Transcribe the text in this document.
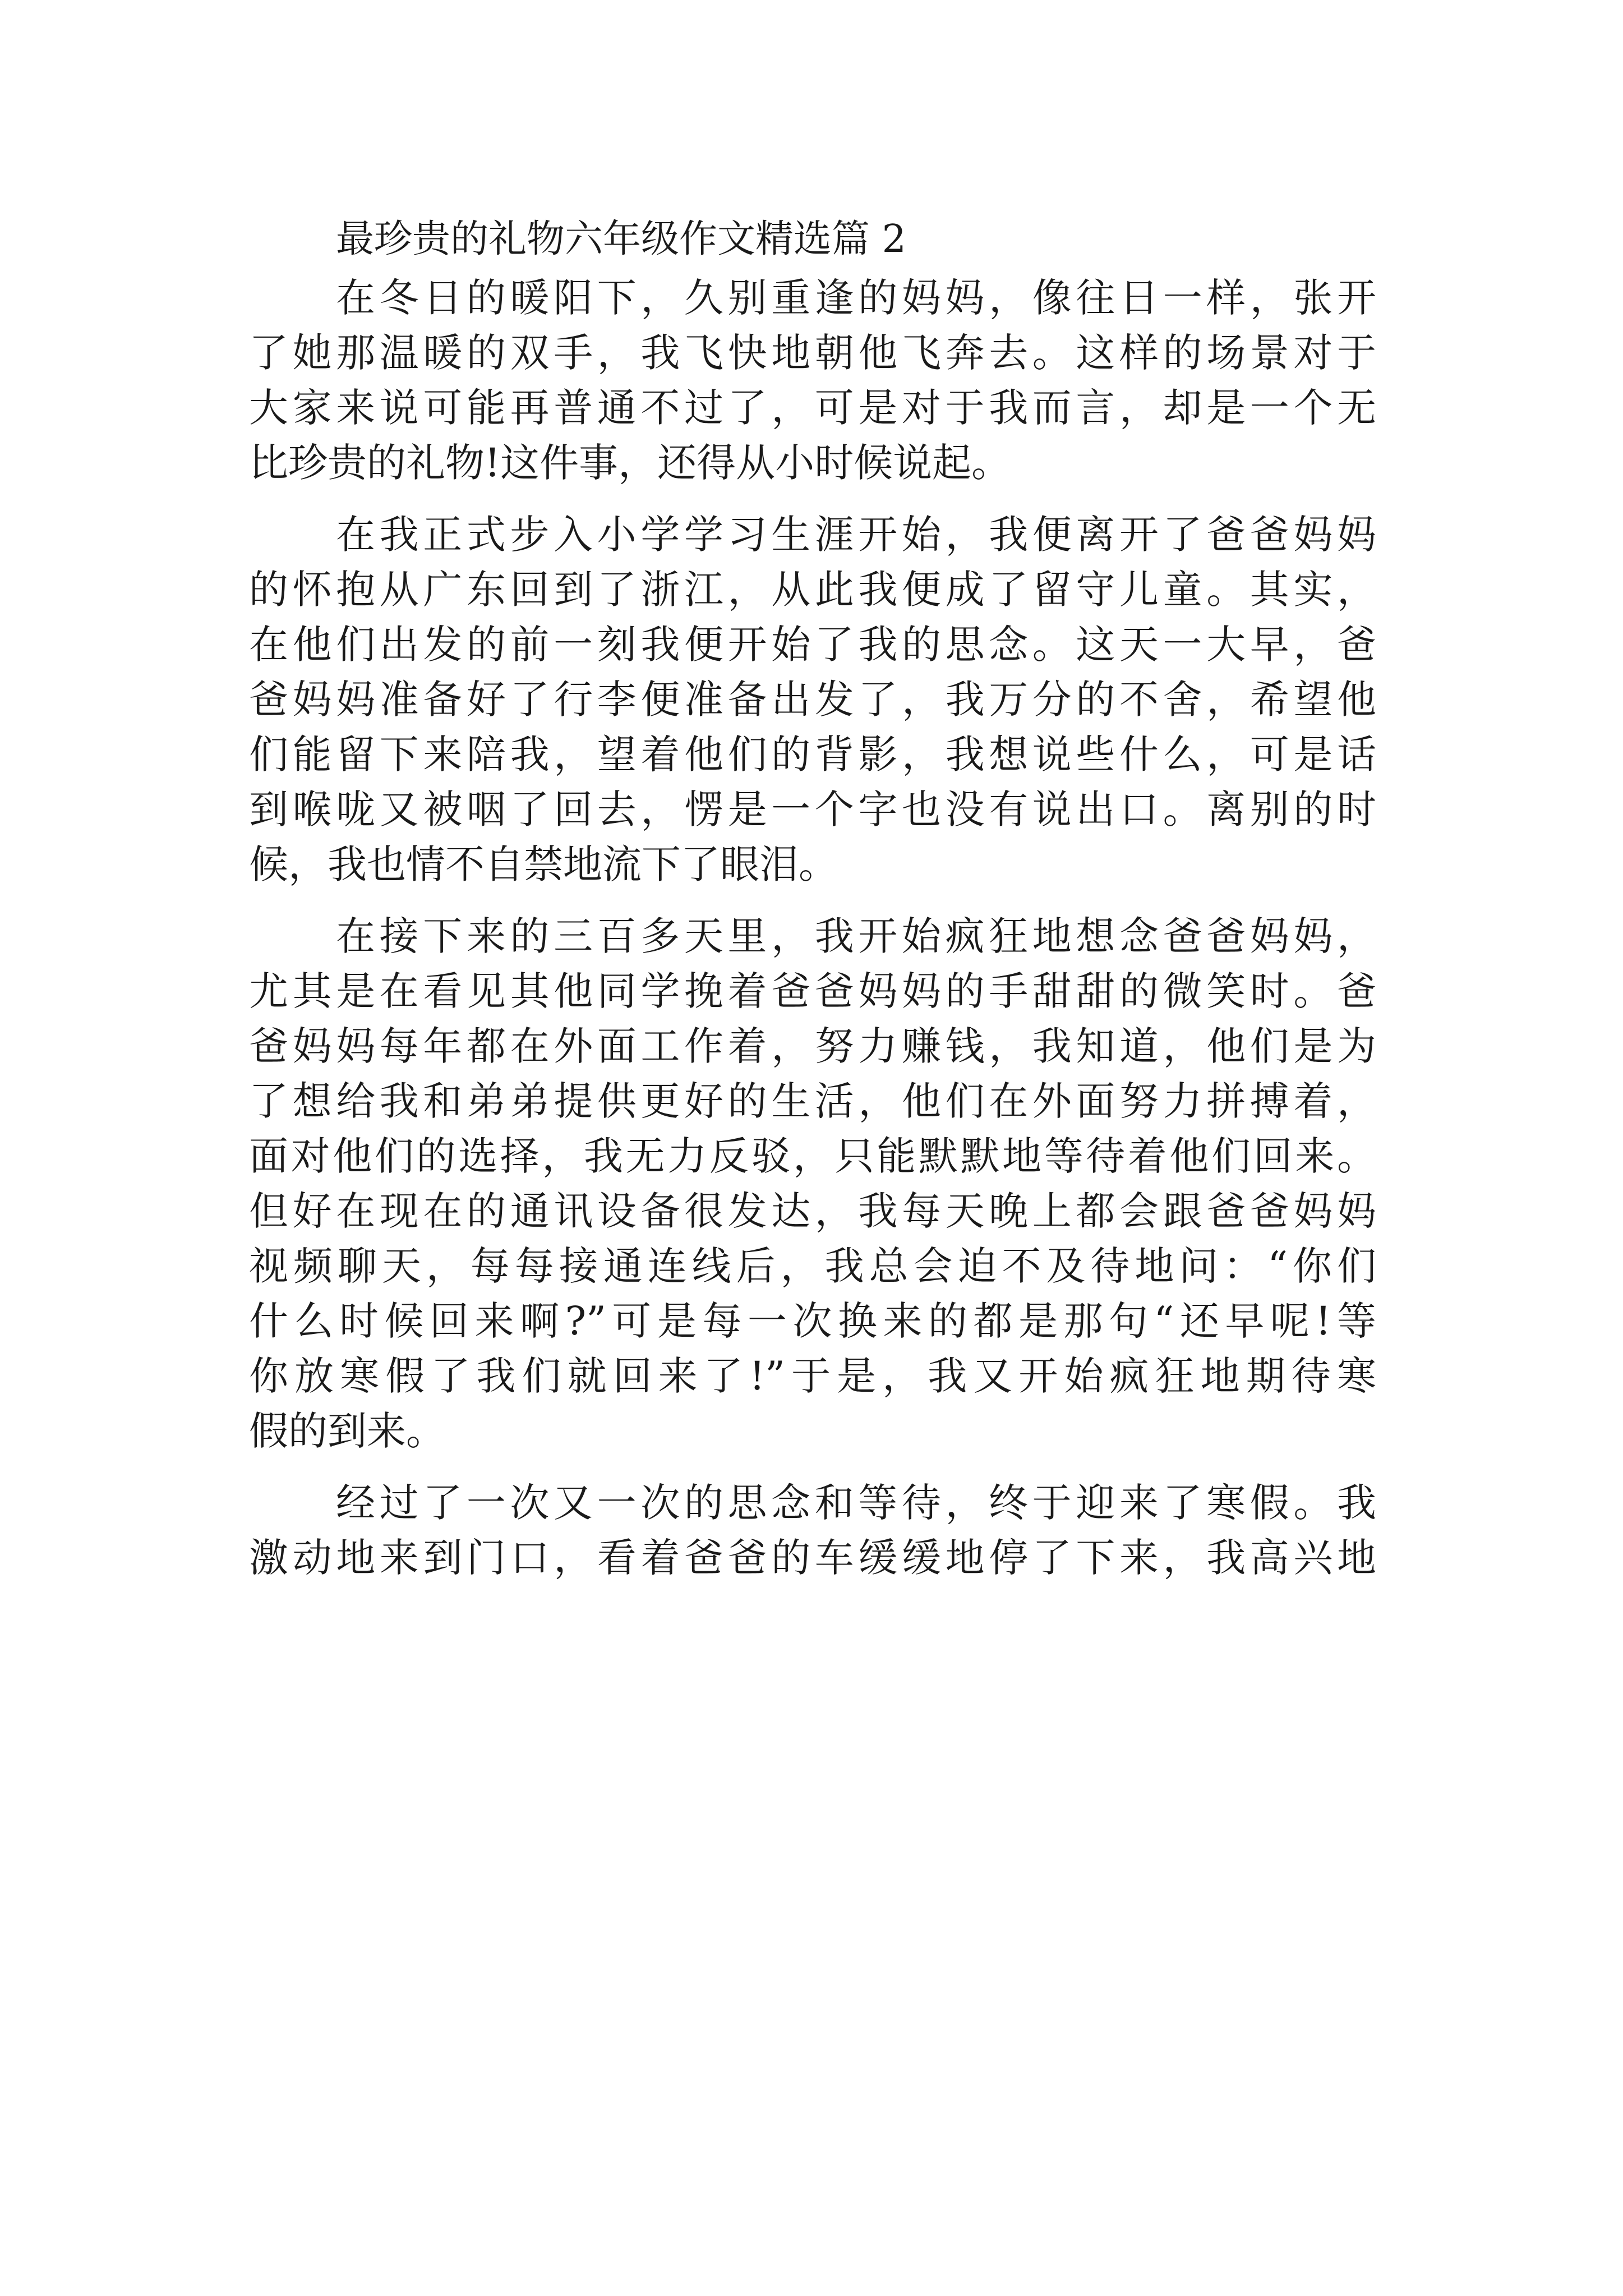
最珍贵的礼物六年级作文精选篇 2
在冬日的暖阳下，久别重逢的妈妈，像往日一样，张开
了她那温暖的双手，我飞快地朝他飞奔去。这样的场景对于
大家来说可能再普通不过了，可是对于我而言，却是一个无
比珍贵的礼物!这件事，还得从小时候说起。
在我正式步入小学学习生涯开始，我便离开了爸爸妈妈
的怀抱从广东回到了浙江，从此我便成了留守儿童。其实，
在他们出发的前一刻我便开始了我的思念。这天一大早，爸
爸妈妈准备好了行李便准备出发了，我万分的不舍，希望他
们能留下来陪我，望着他们的背影，我想说些什么，可是话
到喉咙又被咽了回去，愣是一个字也没有说出口。离别的时
候，我也情不自禁地流下了眼泪。
在接下来的三百多天里，我开始疯狂地想念爸爸妈妈，
尤其是在看见其他同学挽着爸爸妈妈的手甜甜的微笑时。爸
爸妈妈每年都在外面工作着，努力赚钱，我知道，他们是为
了想给我和弟弟提供更好的生活，他们在外面努力拼搏着，
面对他们的选择，我无力反驳，只能默默地等待着他们回来。
但好在现在的通讯设备很发达，我每天晚上都会跟爸爸妈妈
视频聊天，每每接通连线后，我总会迫不及待地问：“你们
什么时候回来啊?”可是每一次换来的都是那句“还早呢!等
你放寒假了我们就回来了!”于是，我又开始疯狂地期待寒
假的到来。
经过了一次又一次的思念和等待，终于迎来了寒假。我
激动地来到门口，看着爸爸的车缓缓地停了下来，我高兴地
